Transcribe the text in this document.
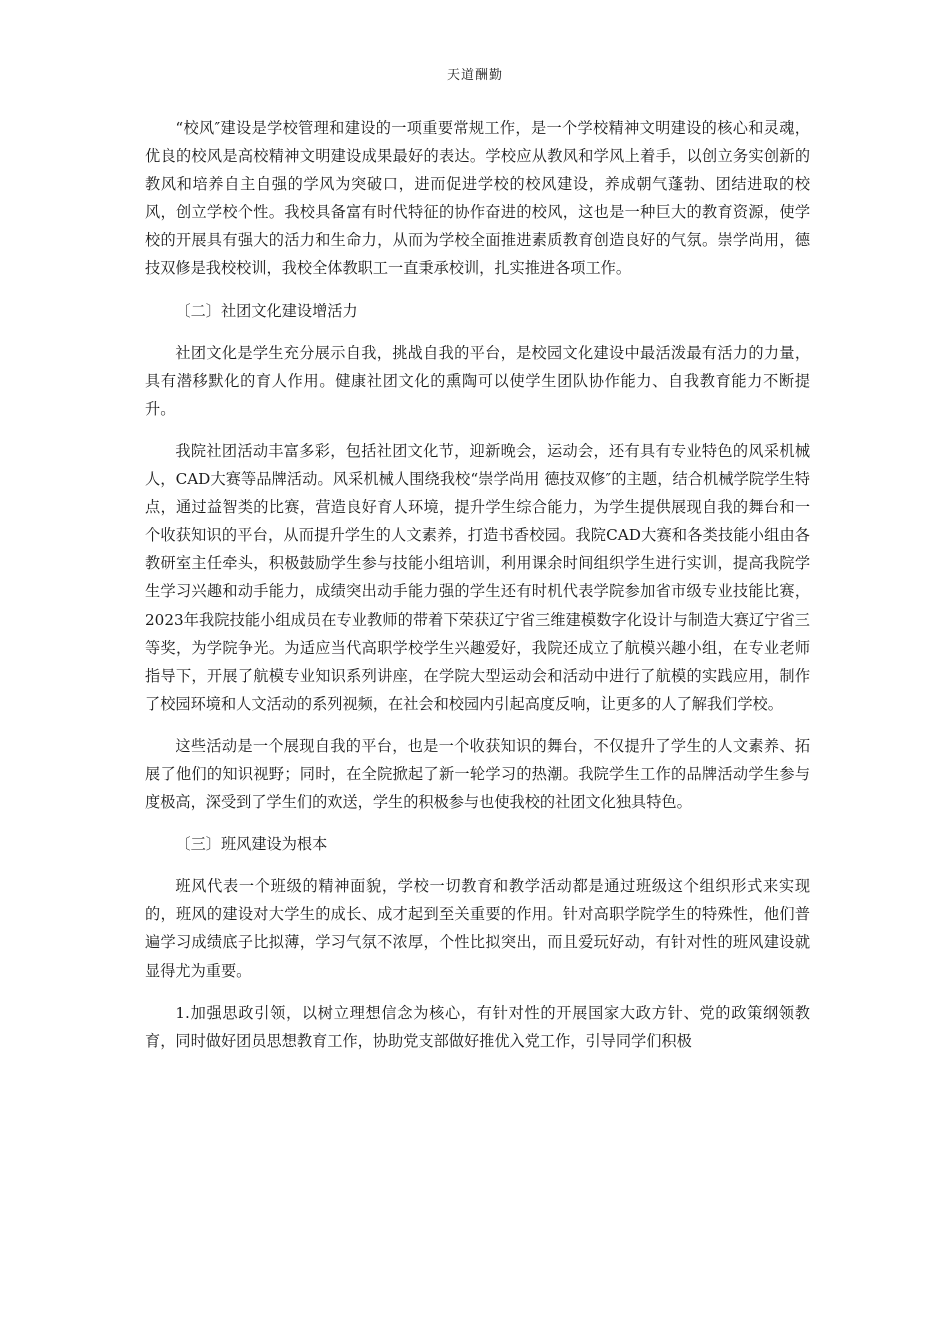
天道酬勤

“校风″建设是学校管理和建设的一项重要常规工作，是一个学校精神文明建设的核心和灵魂，优良的校风是高校精神文明建设成果最好的表达。学校应从教风和学风上着手，以创立务实创新的教风和培养自主自强的学风为突破口，进而促进学校的校风建设，养成朝气蓬勃、团结进取的校风，创立学校个性。我校具备富有时代特征的协作奋进的校风，这也是一种巨大的教育资源，使学校的开展具有强大的活力和生命力，从而为学校全面推进素质教育创造良好的气氛。崇学尚用，德技双修是我校校训，我校全体教职工一直秉承校训，扎实推进各项工作。

〔二〕社团文化建设增活力

社团文化是学生充分展示自我，挑战自我的平台，是校园文化建设中最活泼最有活力的力量，具有潜移默化的育人作用。健康社团文化的熏陶可以使学生团队协作能力、自我教育能力不断提升。

我院社团活动丰富多彩，包括社团文化节，迎新晚会，运动会，还有具有专业特色的风采机械人，CAD大赛等品牌活动。风采机械人围绕我校“崇学尚用 德技双修″的主题，结合机械学院学生特点，通过益智类的比赛，营造良好育人环境，提升学生综合能力，为学生提供展现自我的舞台和一个收获知识的平台，从而提升学生的人文素养，打造书香校园。我院CAD大赛和各类技能小组由各教研室主任牵头，积极鼓励学生参与技能小组培训，利用课余时间组织学生进行实训，提高我院学生学习兴趣和动手能力，成绩突出动手能力强的学生还有时机代表学院参加省市级专业技能比赛，2023年我院技能小组成员在专业教师的带着下荣获辽宁省三维建模数字化设计与制造大赛辽宁省三等奖，为学院争光。为适应当代高职学校学生兴趣爱好，我院还成立了航模兴趣小组，在专业老师指导下，开展了航模专业知识系列讲座，在学院大型运动会和活动中进行了航模的实践应用，制作了校园环境和人文活动的系列视频，在社会和校园内引起高度反响，让更多的人了解我们学校。

这些活动是一个展现自我的平台，也是一个收获知识的舞台，不仅提升了学生的人文素养、拓展了他们的知识视野；同时，在全院掀起了新一轮学习的热潮。我院学生工作的品牌活动学生参与度极高，深受到了学生们的欢送，学生的积极参与也使我校的社团文化独具特色。

〔三〕班风建设为根本

班风代表一个班级的精神面貌，学校一切教育和教学活动都是通过班级这个组织形式来实现的，班风的建设对大学生的成长、成才起到至关重要的作用。针对高职学院学生的特殊性，他们普遍学习成绩底子比拟薄，学习气氛不浓厚，个性比拟突出，而且爱玩好动，有针对性的班风建设就显得尤为重要。

1.加强思政引领，以树立理想信念为核心，有针对性的开展国家大政方针、党的政策纲领教育，同时做好团员思想教育工作，协助党支部做好推优入党工作，引导同学们积极
